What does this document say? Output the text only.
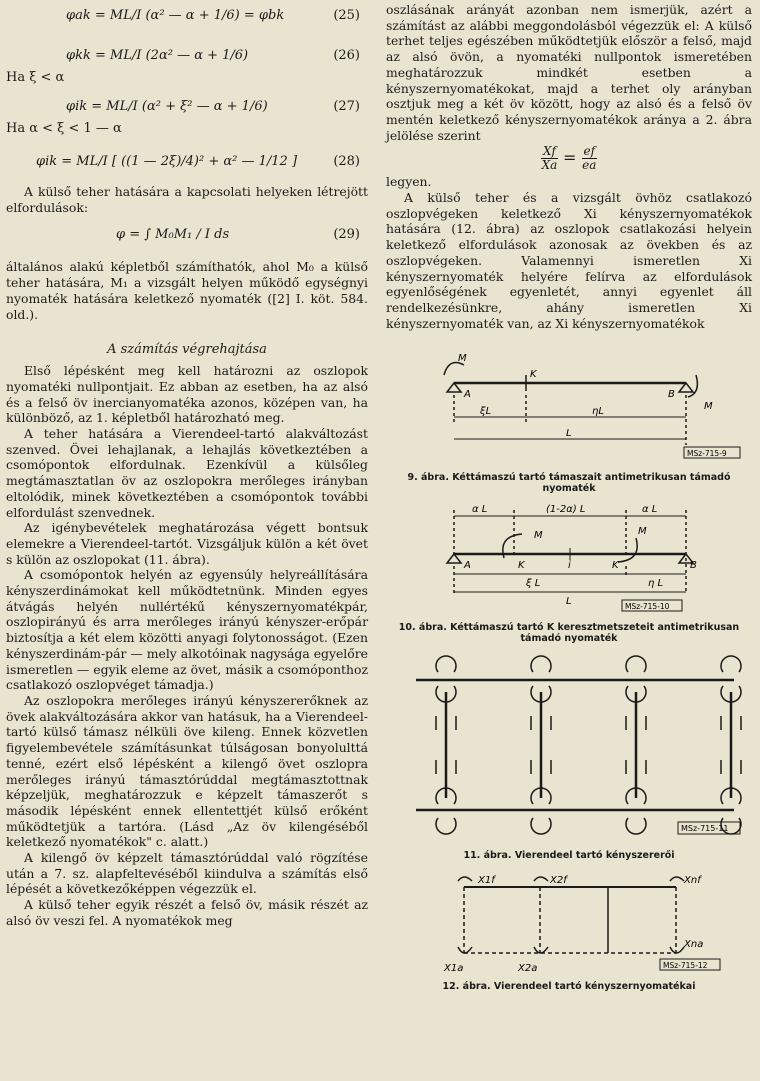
φak = ML/I (α² — α + 1/6) = φbk	(25)
φkk = ML/I (2α² — α + 1/6)	(26)

Ha ξ < α

φik = ML/I (α² + ξ² — α + 1/6)	(27)

Ha α < ξ < 1 — α

φik = ML/I [ ((1 — 2ξ)/4)² + α² — 1/12 ]	(28)

A külső teher hatására a kapcsolati helyeken létrejött elfordulások:

φ = ∫ M₀M₁ / I ds	(29)

általános alakú képletből számíthatók, ahol M₀ a külső teher hatására, M₁ a vizsgált helyen működő egységnyi nyomaték hatására keletkező nyomaték ([2] I. köt. 584. old.).

A számítás végrehajtása

Első lépésként meg kell határozni az oszlopok nyomatéki nullpontjait. Ez abban az esetben, ha az alsó és a felső öv inercianyomatéka azonos, középen van, ha különböző, az 1. képletből határozható meg.

A teher hatására a Vierendeel-tartó alakváltozást szenved. Övei lehajlanak, a lehajlás következtében a csomópontok elfordulnak. Ezenkívül a külsőleg megtámasztatlan öv az oszlopokra merőleges irányban eltolódik, minek következtében a csomópontok további elfordulást szenvednek.

Az igénybevételek meghatározása végett bontsuk elemekre a Vierendeel-tartót. Vizsgáljuk külön a két övet s külön az oszlopokat (11. ábra).

A csomópontok helyén az egyensúly helyreállítására kényszerdinámokat kell működtetnünk. Minden egyes átvágás helyén nullértékű kényszernyomatékpár, oszlopirányú és arra merőleges irányú kényszer-erőpár biztosítja a két elem közötti anyagi folytonosságot. (Ezen kényszerdinám-pár — mely alkotóinak nagysága egyelőre ismeretlen — egyik eleme az övet, másik a csomóponthoz csatlakozó oszlopvéget támadja.)

Az oszlopokra merőleges irányú kényszererőknek az övek alakváltozására akkor van hatásuk, ha a Vierendeel-tartó külső támasz nélküli öve kileng. Ennek közvetlen figyelembevétele számításunkat túlságosan bonyolulttá tenné, ezért első lépésként a kilengő övet oszlopra merőleges irányú támasztórúddal megtámasztottnak képzeljük, meghatározzuk e képzelt támaszerőt s második lépésként ennek ellentettjét külső erőként működtetjük a tartóra. (Lásd „Az öv kilengéséből keletkező nyomatékok" c. alatt.)

A kilengő öv képzelt támasztórúddal való rögzítése után a 7. sz. alapfeltevéséből kiindulva a számítás első lépését a következőképpen végezzük el.

A külső teher egyik részét a felső öv, másik részét az alsó öv veszi fel. A nyomatékok meg

oszlásának arányát azonban nem ismerjük, azért a számítást az alábbi meggondolásból végezzük el: A külső terhet teljes egészében működtetjük először a felső, majd az alsó övön, a nyomatéki nullpontok ismeretében meghatározzuk mindkét esetben a kényszernyomatékokat, majd a terhet oly arányban osztjuk meg a két öv között, hogy az alsó és a felső öv mentén keletkező kényszernyomatékok aránya a 2. ábra jelölése szerint

$\frac{Xf}{Xa} = \frac{ef}{ea}$

legyen.

A külső teher és a vizsgált övhöz csatlakozó oszlopvégeken keletkező Xi kényszernyomatékok hatására (12. ábra) az oszlopok csatlakozási helyein keletkező elfordulások azonosak az övekben és az oszlopvégeken. Valamennyi ismeretlen Xi kényszernyomaték helyére felírva az elfordulások egyenlőségének egyenletét, annyi egyenlet áll rendelkezésünkre, ahány ismeretlen Xi kényszernyomaték van, az Xi kényszernyomatékok

M
M
A
K
B
ξL	ηL
L
MSz-715-9

9. ábra. Kéttámaszú tartó támaszait antimetrikusan támadó nyomaték

α L	(1-2α) L	α L
M	M
A	K	i	K	B
ξ L	η L
L	MSz-715-10

10. ábra. Kéttámaszú tartó K keresztmetszeteit antimetrikusan támadó nyomaték

MSz-715-11

11. ábra. Vierendeel tartó kényszererői

X1f	X2f	Xnf
X1a	X2a
Xna
MSz-715-12

12. ábra. Vierendeel tartó kényszernyomatékai
